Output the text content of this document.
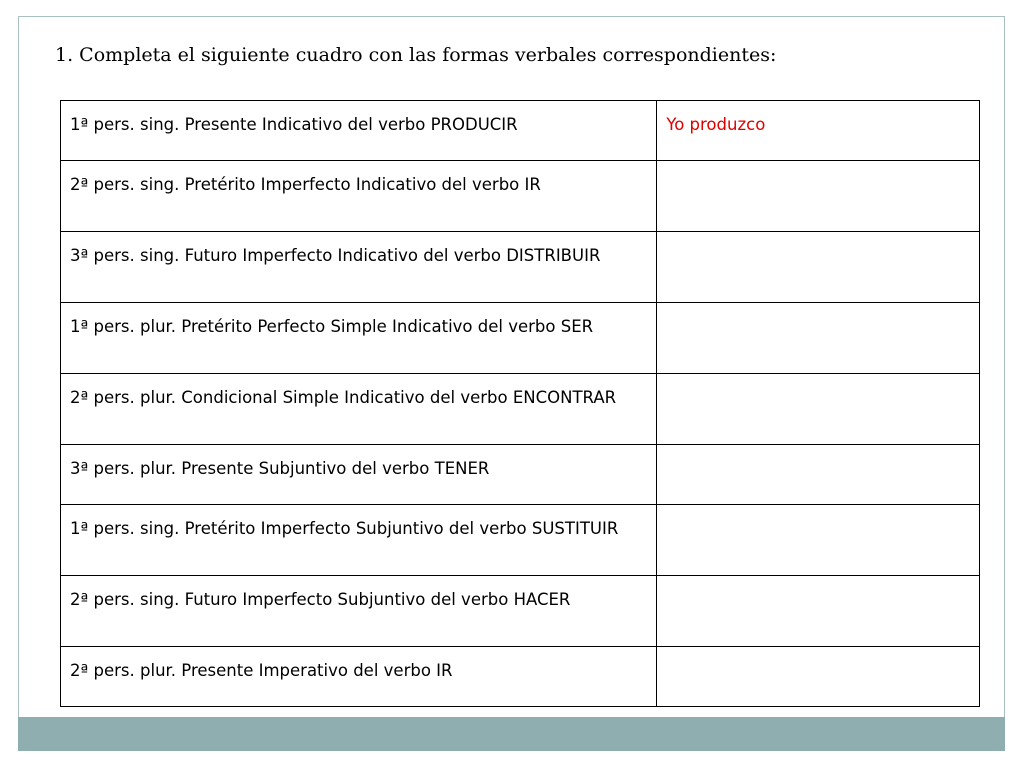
1. Completa el siguiente cuadro con las formas verbales correspondientes:
1ª pers. sing. Presente Indicativo del verbo PRODUCIR	Yo produzco
2ª pers. sing. Pretérito Imperfecto Indicativo del verbo IR	
3ª pers. sing. Futuro Imperfecto Indicativo del verbo DISTRIBUIR	
1ª pers. plur. Pretérito Perfecto Simple Indicativo del verbo SER	
2ª pers. plur. Condicional Simple Indicativo del verbo ENCONTRAR	
3ª pers. plur. Presente Subjuntivo del verbo TENER	
1ª pers. sing. Pretérito Imperfecto Subjuntivo del verbo SUSTITUIR	
2ª pers. sing. Futuro Imperfecto Subjuntivo del verbo HACER	
2ª pers. plur. Presente Imperativo del verbo IR	
